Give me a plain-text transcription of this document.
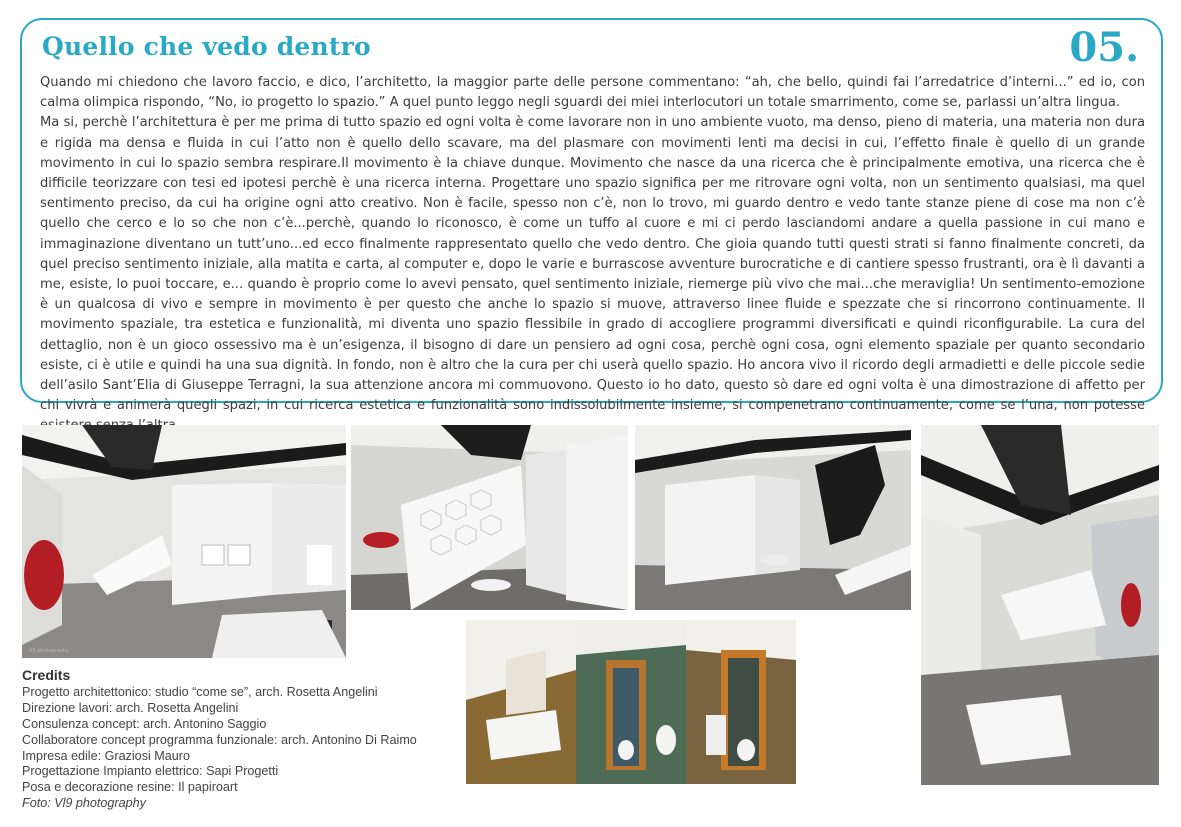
Quello che vedo dentro	05.

Quando mi chiedono che lavoro faccio, e dico, l’architetto, la maggior parte delle persone commentano: “ah, che bello, quindi fai l’arredatrice d’interni...” ed io, con calma olimpica rispondo, “No, io progetto lo spazio.” A quel punto leggo negli sguardi dei miei interlocutori un totale smarrimento, come se, parlassi un’altra lingua.

Ma si, perchè l’architettura è per me prima di tutto spazio ed ogni volta è come lavorare non in uno ambiente vuoto, ma denso, pieno di materia, una materia non dura e rigida ma densa e fluida in cui l’atto non è quello dello scavare, ma del plasmare con movimenti lenti ma decisi in cui, l’effetto finale è quello di un grande movimento in cui lo spazio sembra respirare.Il movimento è la chiave dunque. Movimento che nasce da una ricerca che è principalmente emotiva, una ricerca che è difficile teorizzare con tesi ed ipotesi perchè è una ricerca interna. Progettare uno spazio significa per me ritrovare ogni volta, non un sentimento qualsiasi, ma quel sentimento preciso, da cui ha origine ogni atto creativo. Non è facile, spesso non c’è, non lo trovo, mi guardo dentro e vedo tante stanze piene di cose ma non c’è quello che cerco e lo so che non c’è...perchè, quando lo riconosco, è come un tuffo al cuore e mi ci perdo lasciandomi andare a quella passione in cui mano e immaginazione diventano un tutt’uno...ed ecco finalmente rappresentato quello che vedo dentro. Che gioia quando tutti questi strati si fanno finalmente concreti, da quel preciso sentimento iniziale, alla matita e carta, al computer e, dopo le varie e burrascose avventure burocratiche e di cantiere spesso frustranti, ora è lì davanti a me, esiste, lo puoi toccare, e... quando è proprio come lo avevi pensato, quel sentimento iniziale, riemerge più vivo che mai...che meraviglia! Un sentimento-emozione è un qualcosa di vivo e sempre in movimento è per questo che anche lo spazio si muove, attraverso linee fluide e spezzate che si rincorrono continuamente. Il movimento spaziale, tra estetica e funzionalità, mi diventa uno spazio flessibile in grado di accogliere programmi diversificati e quindi riconfigurabile. La cura del dettaglio, non è un gioco ossessivo ma è un’esigenza, il bisogno di dare un pensiero ad ogni cosa, perchè ogni cosa, ogni elemento spaziale per quanto secondario esiste, ci è utile e quindi ha una sua dignità. In fondo, non è altro che la cura per chi userà quello spazio. Ho ancora vivo il ricordo degli armadietti e delle piccole sedie dell’asilo Sant’Elia di Giuseppe Terragni, la sua attenzione ancora mi commuovono. Questo io ho dato, questo sò dare ed ogni volta è una dimostrazione di affetto per chi vivrà e animerà quegli spazi, in cui ricerca estetica e funzionalità sono indissolubilmente insieme, si compenetrano continuamente, come se l’una, non potesse

vl9 photography
Credits
Progetto architettonico: studio “come se”, arch. Rosetta Angelini
Direzione lavori: arch. Rosetta Angelini
Consulenza concept: arch. Antonino Saggio
Collaboratore concept programma funzionale: arch. Antonino Di Raimo
Impresa edile: Graziosi Mauro
Progettazione Impianto elettrico: Sapi Progetti
Posa e decorazione resine: Il papiroart
Foto: Vl9 photography
